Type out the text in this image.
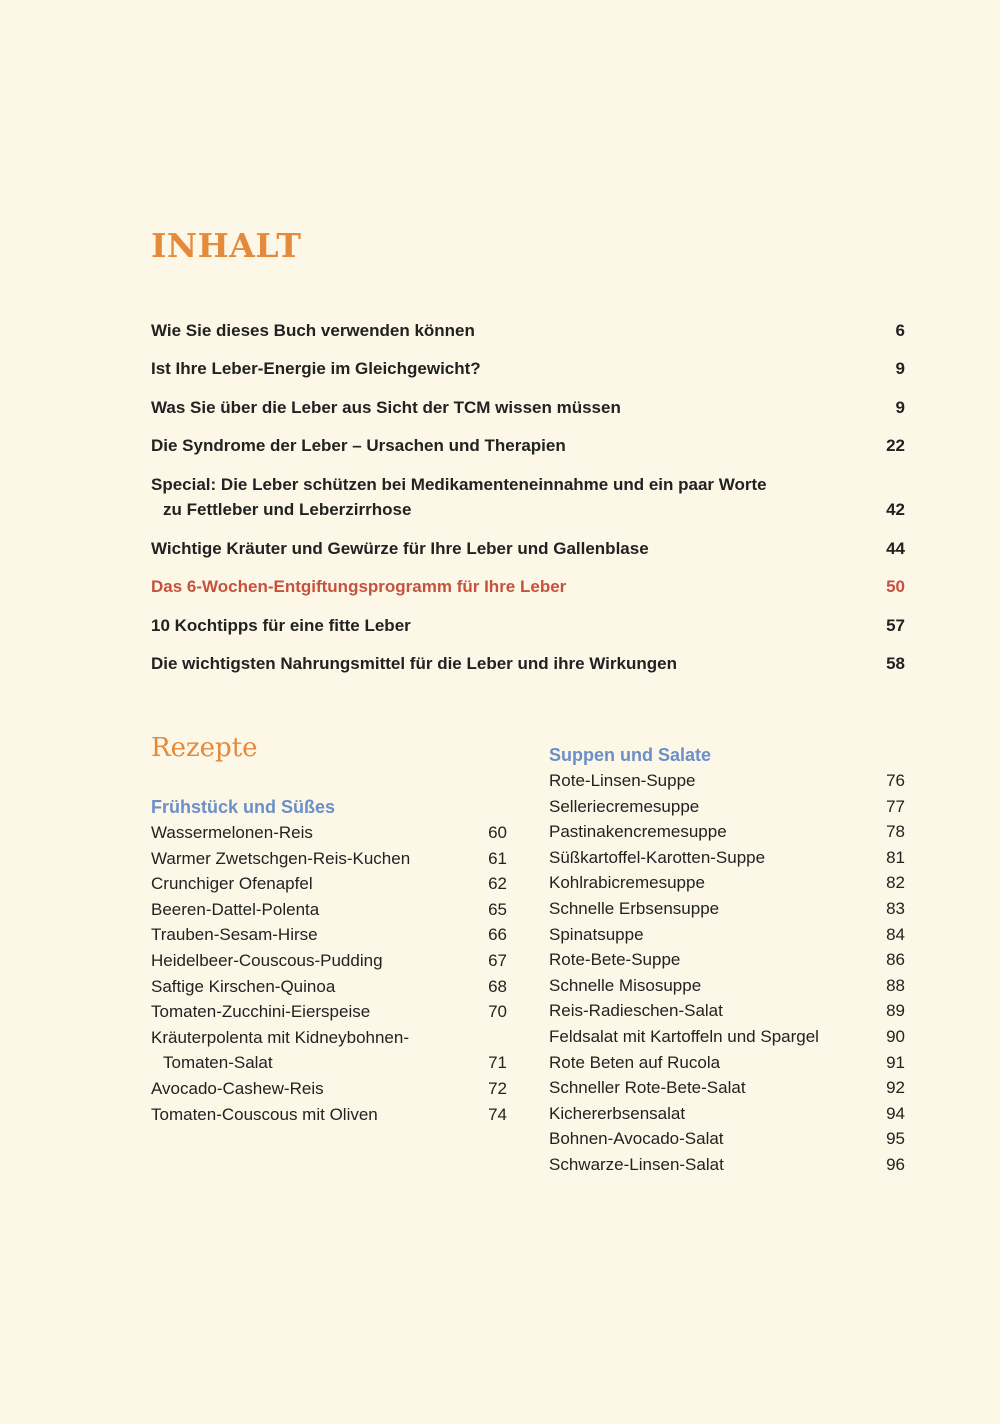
INHALT
Wie Sie dieses Buch verwenden können	6
Ist Ihre Leber-Energie im Gleichgewicht?	9
Was Sie über die Leber aus Sicht der TCM wissen müssen	9
Die Syndrome der Leber – Ursachen und Therapien	22
Special: Die Leber schützen bei Medikamenteneinnahme und ein paar Worte
zu Fettleber und Leberzirrhose	42
Wichtige Kräuter und Gewürze für Ihre Leber und Gallenblase	44
Das 6-Wochen-Entgiftungsprogramm für Ihre Leber	50
10 Kochtipps für eine fitte Leber	57
Die wichtigsten Nahrungsmittel für die Leber und ihre Wirkungen	58
Rezepte
Frühstück und Süßes
Wassermelonen-Reis	60
Warmer Zwetschgen-Reis-Kuchen	61
Crunchiger Ofenapfel	62
Beeren-Dattel-Polenta	65
Trauben-Sesam-Hirse	66
Heidelbeer-Couscous-Pudding	67
Saftige Kirschen-Quinoa	68
Tomaten-Zucchini-Eierspeise	70
Kräuterpolenta mit Kidneybohnen-
Tomaten-Salat	71
Avocado-Cashew-Reis	72
Tomaten-Couscous mit Oliven	74
Suppen und Salate
Rote-Linsen-Suppe	76
Selleriecremesuppe	77
Pastinakencremesuppe	78
Süßkartoffel-Karotten-Suppe	81
Kohlrabicremesuppe	82
Schnelle Erbsensuppe	83
Spinatsuppe	84
Rote-Bete-Suppe	86
Schnelle Misosuppe	88
Reis-Radieschen-Salat	89
Feldsalat mit Kartoffeln und Spargel	90
Rote Beten auf Rucola	91
Schneller Rote-Bete-Salat	92
Kichererbsensalat	94
Bohnen-Avocado-Salat	95
Schwarze-Linsen-Salat	96
